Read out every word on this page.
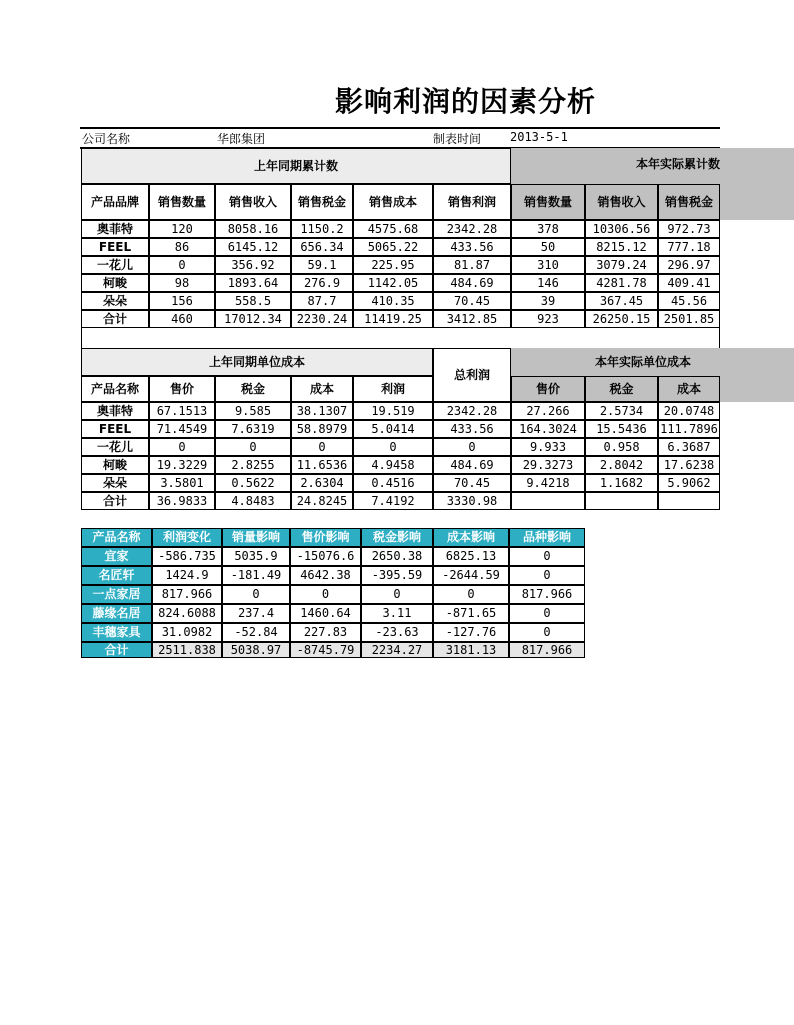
影响利润的因素分析
公司名称	华郎集团	制表时间 2013-5-1
上年同期累计数	本年实际累计数
产品品牌	销售数量	销售收入	销售税金	销售成本	销售利润	销售数量	销售收入	销售税金
奥菲特	120	8058.16	1150.2	4575.68	2342.28	378	10306.56	972.73
FEEL	86	6145.12	656.34	5065.22	433.56	50	8215.12	777.18
一花儿	0	356.92	59.1	225.95	81.87	310	3079.24	296.97
柯畯	98	1893.64	276.9	1142.05	484.69	146	4281.78	409.41
朵朵	156	558.5	87.7	410.35	70.45	39	367.45	45.56
合计	460	17012.34	2230.24	11419.25	3412.85	923	26250.15	2501.85
上年同期单位成本
总利润
本年实际单位成本
产品名称	售价	税金	成本	利润	售价	税金	成本
奥菲特	67.1513	9.585	38.1307	19.519	2342.28	27.266	2.5734	20.0748
FEEL	71.4549	7.6319	58.8979	5.0414	433.56	164.3024	15.5436	111.7896
一花儿	0	0	0	0	0	9.933	0.958	6.3687
柯畯	19.3229	2.8255	11.6536	4.9458	484.69	29.3273	2.8042	17.6238
朵朵	3.5801	0.5622	2.6304	0.4516	70.45	9.4218	1.1682	5.9062
合计	36.9833	4.8483	24.8245	7.4192	3330.98
产品名称	利润变化	销量影响	售价影响	税金影响	成本影响	品种影响
宜家	-586.735	5035.9	-15076.6	2650.38	6825.13	0
名匠轩	1424.9	-181.49	4642.38	-395.59	-2644.59	0
一点家居	817.966	0	0	0	0	817.966
藤缘名居	824.6088	237.4	1460.64	3.11	-871.65	0
丰穗家具	31.0982	-52.84	227.83	-23.63	-127.76	0
合计	2511.838	5038.97	-8745.79	2234.27	3181.13	817.966
